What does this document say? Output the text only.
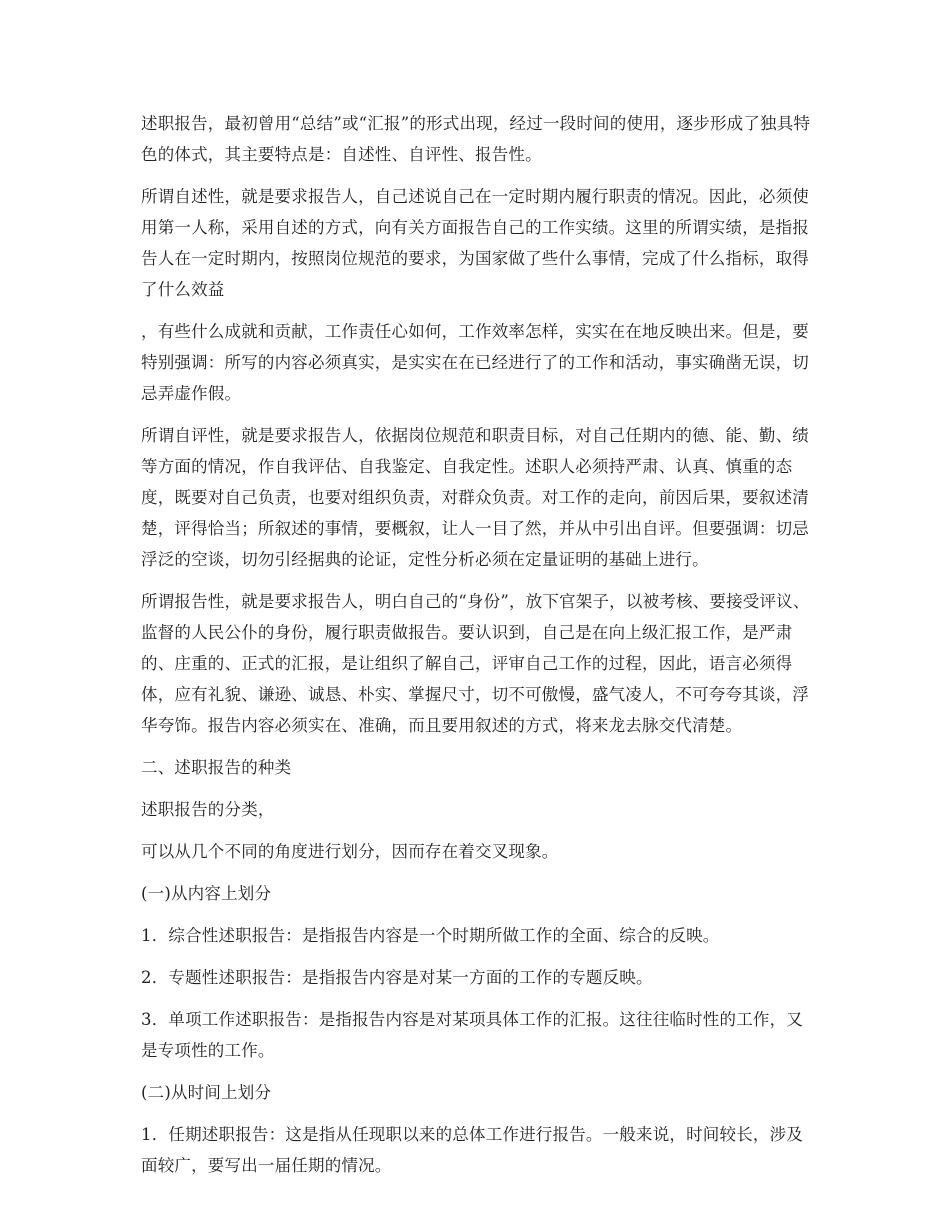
述职报告，最初曾用“总结”或“汇报”的形式出现，经过一段时间的使用，逐步形成了独具特色的体式，其主要特点是：自述性、自评性、报告性。

所谓自述性，就是要求报告人，自己述说自己在一定时期内履行职责的情况。因此，必须使用第一人称，采用自述的方式，向有关方面报告自己的工作实绩。这里的所谓实绩，是指报告人在一定时期内，按照岗位规范的要求，为国家做了些什么事情，完成了什么指标，取得了什么效益

，有些什么成就和贡献，工作责任心如何，工作效率怎样，实实在在地反映出来。但是，要特别强调：所写的内容必须真实，是实实在在已经进行了的工作和活动，事实确凿无误，切忌弄虚作假。

所谓自评性，就是要求报告人，依据岗位规范和职责目标，对自己任期内的德、能、勤、绩等方面的情况，作自我评估、自我鉴定、自我定性。述职人必须持严肃、认真、慎重的态度，既要对自己负责，也要对组织负责，对群众负责。对工作的走向，前因后果，要叙述清楚，评得恰当；所叙述的事情，要概叙，让人一目了然，并从中引出自评。但要强调：切忌浮泛的空谈，切勿引经据典的论证，定性分析必须在定量证明的基础上进行。

所谓报告性，就是要求报告人，明白自己的“身份”，放下官架子，以被考核、要接受评议、监督的人民公仆的身份，履行职责做报告。要认识到，自己是在向上级汇报工作，是严肃的、庄重的、正式的汇报，是让组织了解自己，评审自己工作的过程，因此，语言必须得体，应有礼貌、谦逊、诚恳、朴实、掌握尺寸，切不可傲慢，盛气凌人，不可夸夸其谈，浮华夸饰。报告内容必须实在、准确，而且要用叙述的方式，将来龙去脉交代清楚。

二、述职报告的种类

述职报告的分类，

可以从几个不同的角度进行划分，因而存在着交叉现象。

(一)从内容上划分

1．综合性述职报告：是指报告内容是一个时期所做工作的全面、综合的反映。

2．专题性述职报告：是指报告内容是对某一方面的工作的专题反映。

3．单项工作述职报告：是指报告内容是对某项具体工作的汇报。这往往临时性的工作，又是专项性的工作。

(二)从时间上划分

1．任期述职报告：这是指从任现职以来的总体工作进行报告。一般来说，时间较长，涉及面较广，要写出一届任期的情况。
